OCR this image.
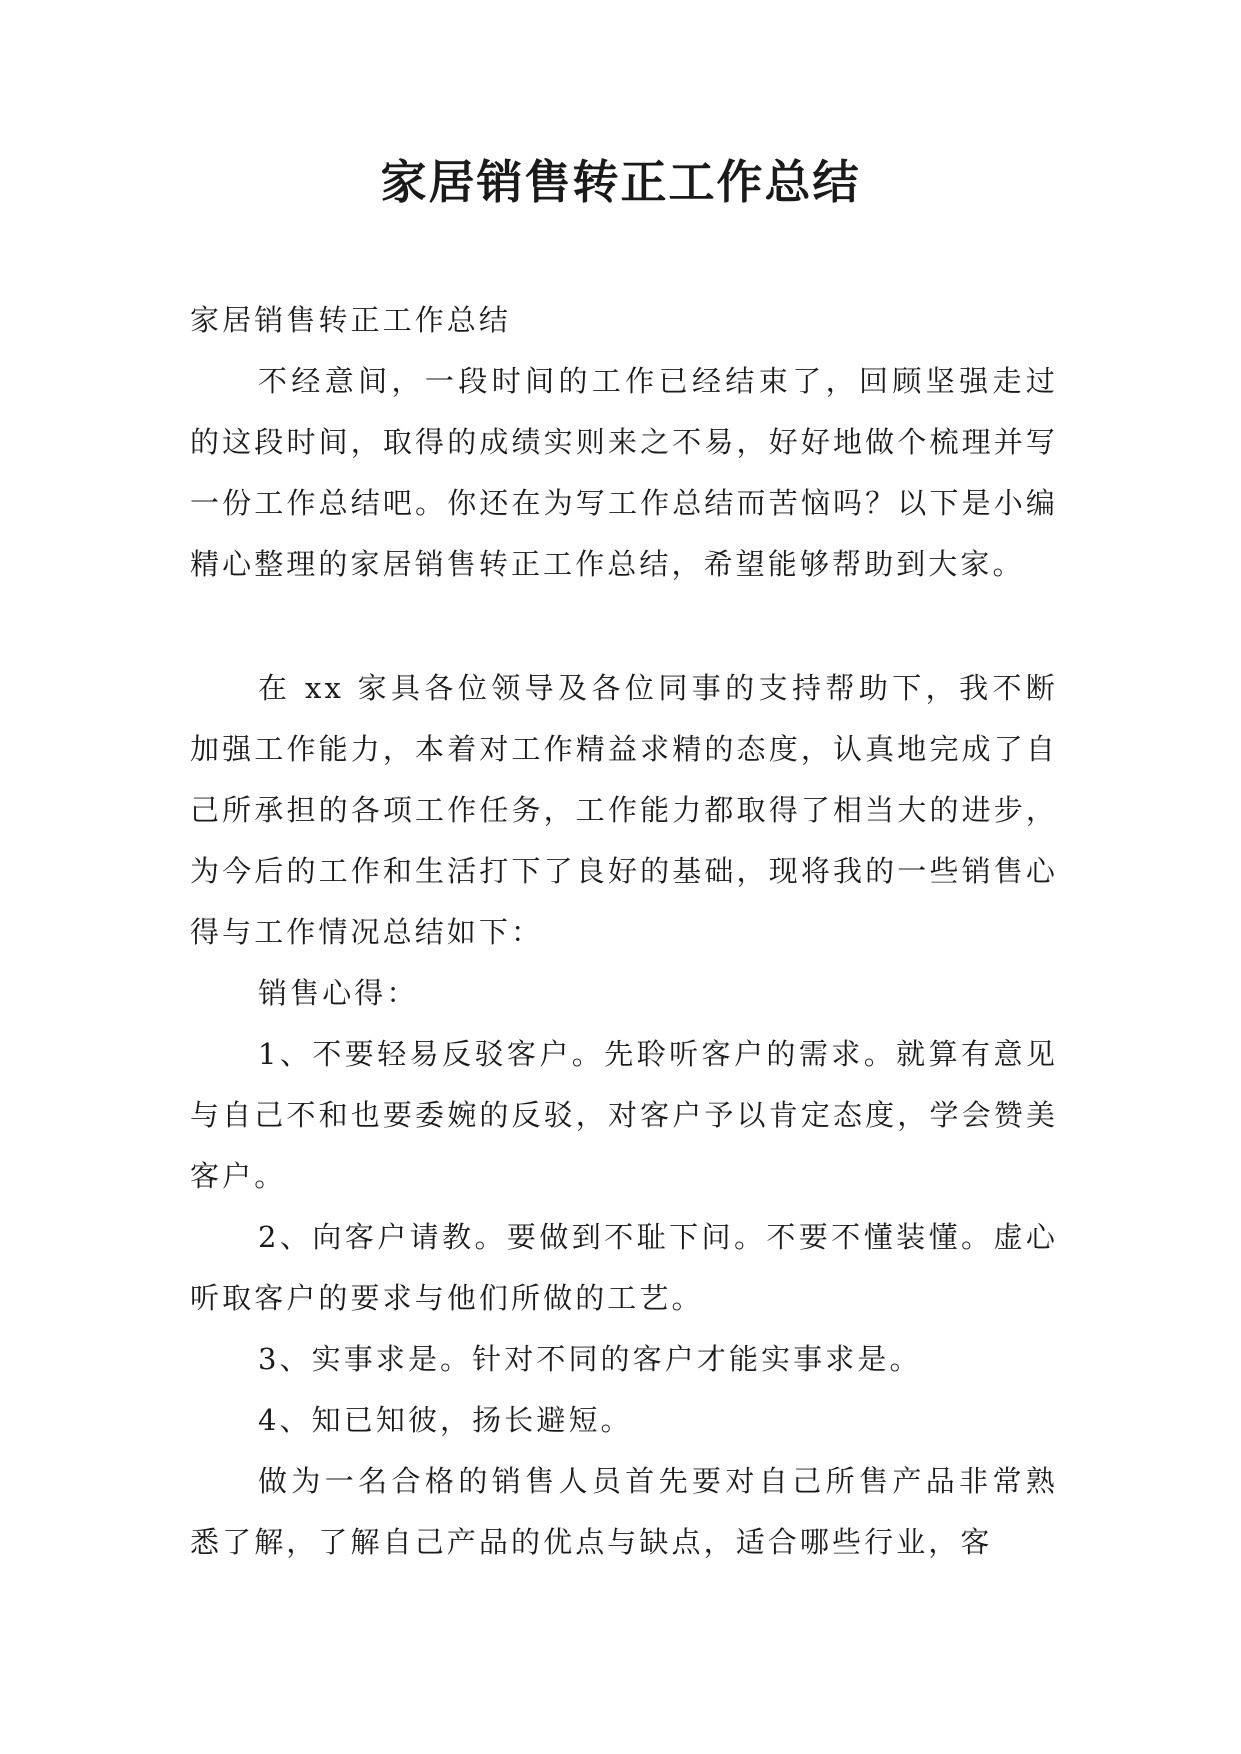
家居销售转正工作总结

家居销售转正工作总结

不经意间，一段时间的工作已经结束了，回顾坚强走过的这段时间，取得的成绩实则来之不易，好好地做个梳理并写一份工作总结吧。你还在为写工作总结而苦恼吗？以下是小编精心整理的家居销售转正工作总结，希望能够帮助到大家。

在 xx 家具各位领导及各位同事的支持帮助下，我不断加强工作能力，本着对工作精益求精的态度，认真地完成了自己所承担的各项工作任务，工作能力都取得了相当大的进步，为今后的工作和生活打下了良好的基础，现将我的一些销售心得与工作情况总结如下：

销售心得：

1、不要轻易反驳客户。先聆听客户的需求。就算有意见与自己不和也要委婉的反驳，对客户予以肯定态度，学会赞美客户。

2、向客户请教。要做到不耻下问。不要不懂装懂。虚心听取客户的要求与他们所做的工艺。

3、实事求是。针对不同的客户才能实事求是。

4、知已知彼，扬长避短。

做为一名合格的销售人员首先要对自己所售产品非常熟悉了解，了解自己产品的优点与缺点，适合哪些行业，客
